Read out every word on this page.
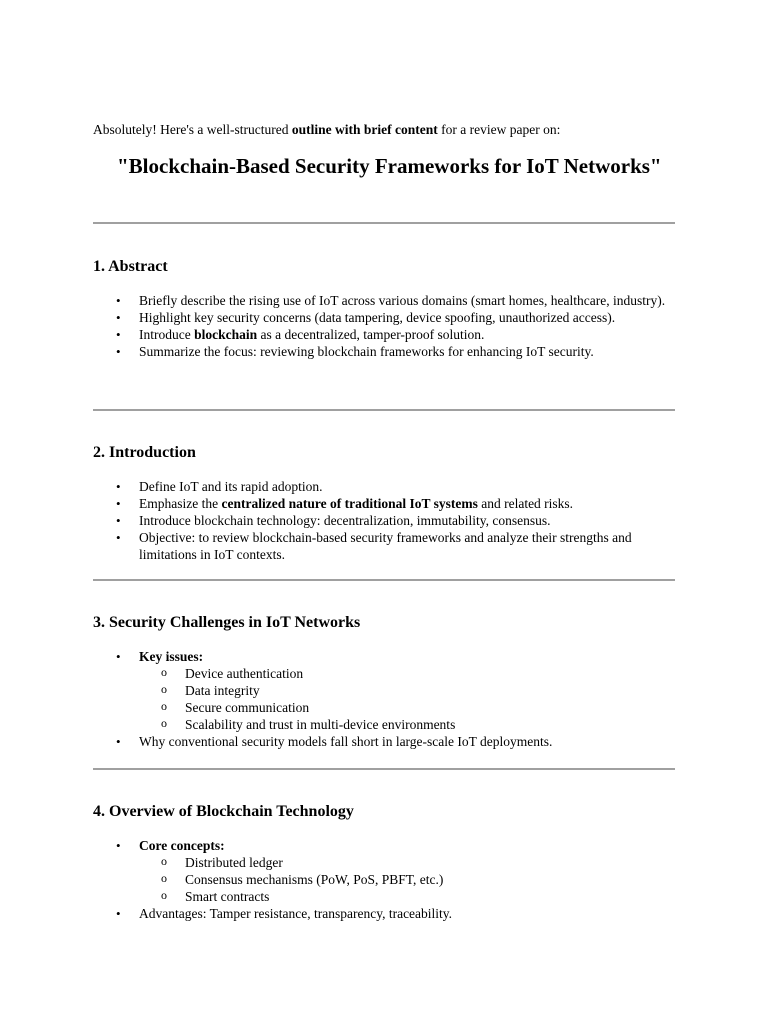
Absolutely! Here's a well-structured outline with brief content for a review paper on:
"Blockchain-Based Security Frameworks for IoT Networks"
1. Abstract
• Briefly describe the rising use of IoT across various domains (smart homes, healthcare, industry).
• Highlight key security concerns (data tampering, device spoofing, unauthorized access).
• Introduce blockchain as a decentralized, tamper-proof solution.
• Summarize the focus: reviewing blockchain frameworks for enhancing IoT security.
2. Introduction
• Define IoT and its rapid adoption.
• Emphasize the centralized nature of traditional IoT systems and related risks.
• Introduce blockchain technology: decentralization, immutability, consensus.
• Objective: to review blockchain-based security frameworks and analyze their strengths and limitations in IoT contexts.
3. Security Challenges in IoT Networks
• Key issues:
o Device authentication
o Data integrity
o Secure communication
o Scalability and trust in multi-device environments
• Why conventional security models fall short in large-scale IoT deployments.
4. Overview of Blockchain Technology
• Core concepts:
o Distributed ledger
o Consensus mechanisms (PoW, PoS, PBFT, etc.)
o Smart contracts
• Advantages: Tamper resistance, transparency, traceability.
